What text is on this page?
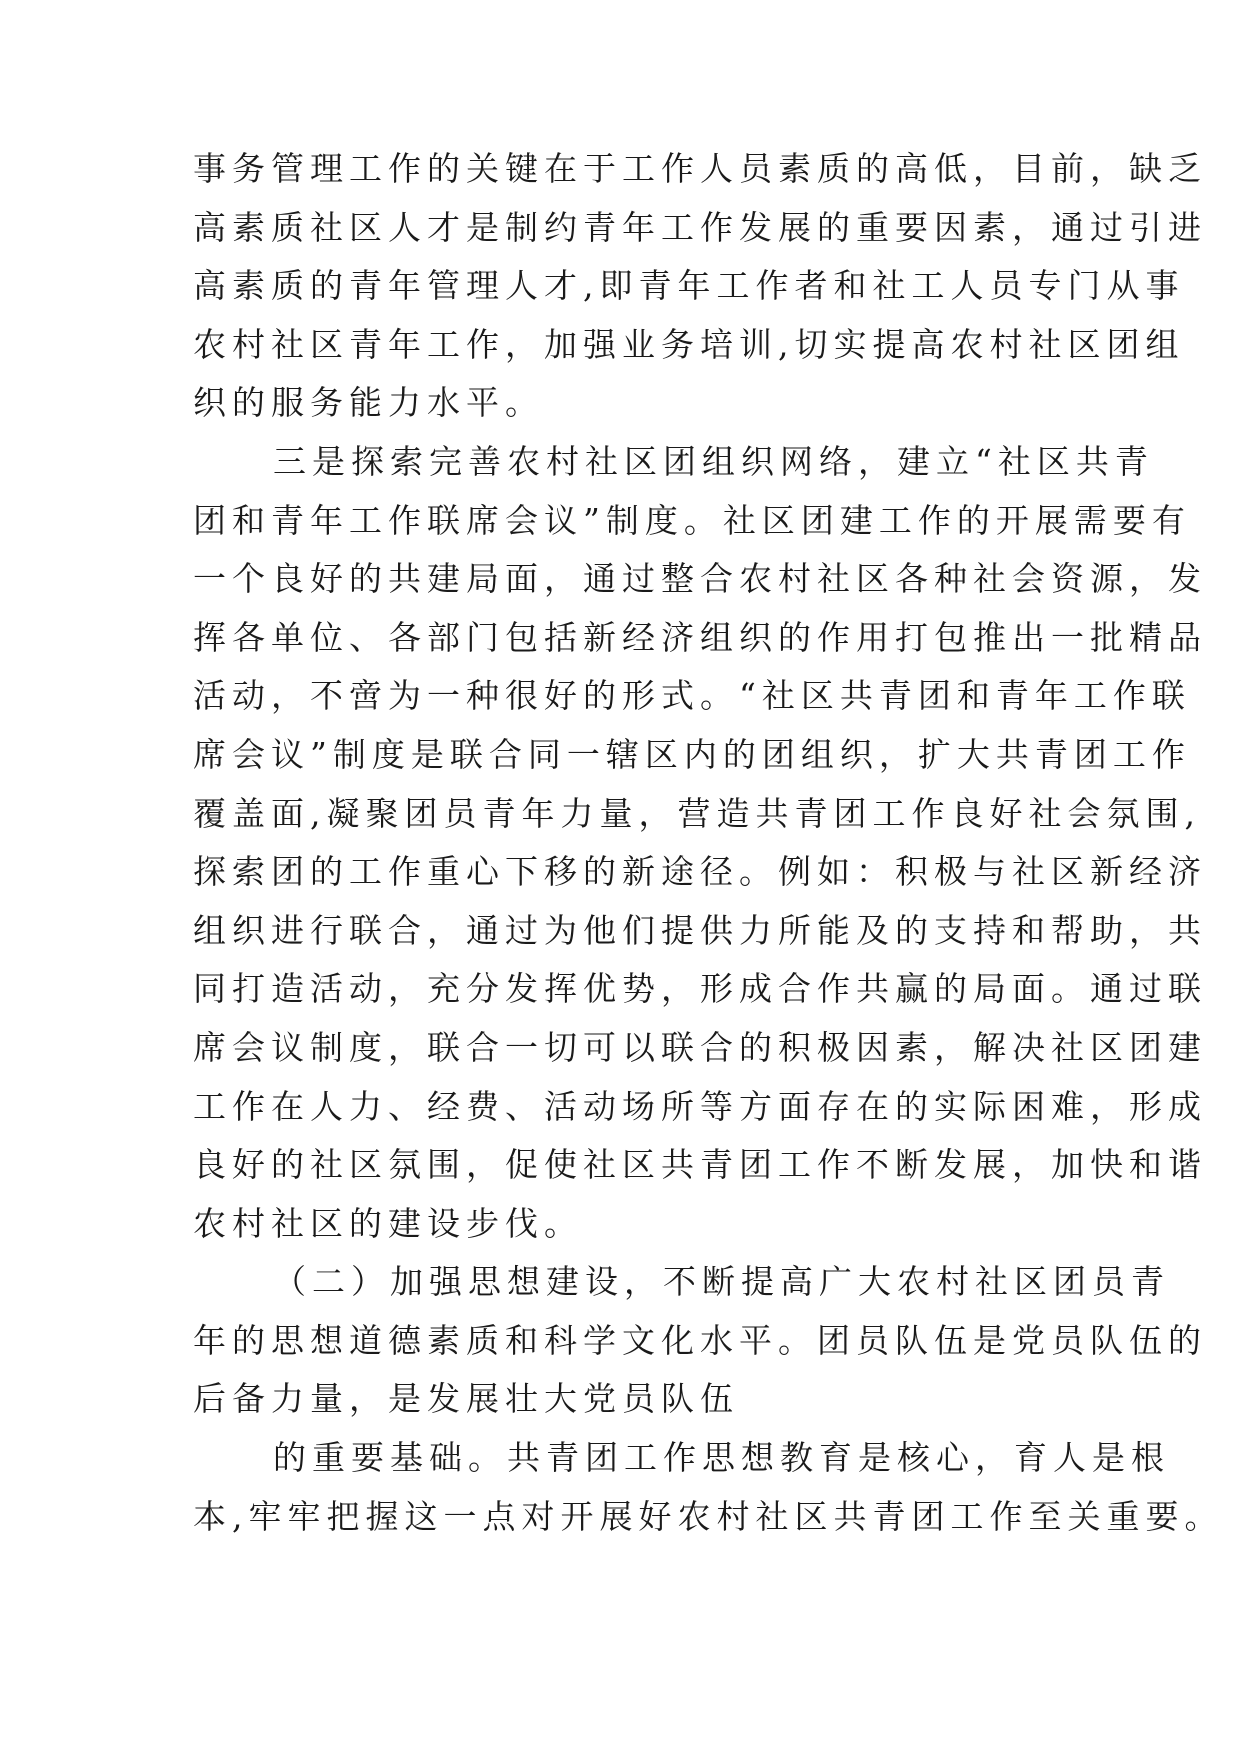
事务管理工作的关键在于工作人员素质的高低，目前，缺乏
高素质社区人才是制约青年工作发展的重要因素，通过引进
高素质的青年管理人才,即青年工作者和社工人员专门从事
农村社区青年工作，加强业务培训,切实提高农村社区团组
织的服务能力水平。
三是探索完善农村社区团组织网络，建立“社区共青
团和青年工作联席会议”制度。社区团建工作的开展需要有
一个良好的共建局面，通过整合农村社区各种社会资源，发
挥各单位、各部门包括新经济组织的作用打包推出一批精品
活动，不啻为一种很好的形式。“社区共青团和青年工作联
席会议”制度是联合同一辖区内的团组织，扩大共青团工作
覆盖面,凝聚团员青年力量，营造共青团工作良好社会氛围,
探索团的工作重心下移的新途径。例如：积极与社区新经济
组织进行联合，通过为他们提供力所能及的支持和帮助，共
同打造活动，充分发挥优势，形成合作共赢的局面。通过联
席会议制度，联合一切可以联合的积极因素，解决社区团建
工作在人力、经费、活动场所等方面存在的实际困难，形成
良好的社区氛围，促使社区共青团工作不断发展，加快和谐
农村社区的建设步伐。
（二）加强思想建设，不断提高广大农村社区团员青
年的思想道德素质和科学文化水平。团员队伍是党员队伍的
后备力量，是发展壮大党员队伍
的重要基础。共青团工作思想教育是核心，育人是根
本,牢牢把握这一点对开展好农村社区共青团工作至关重要。
